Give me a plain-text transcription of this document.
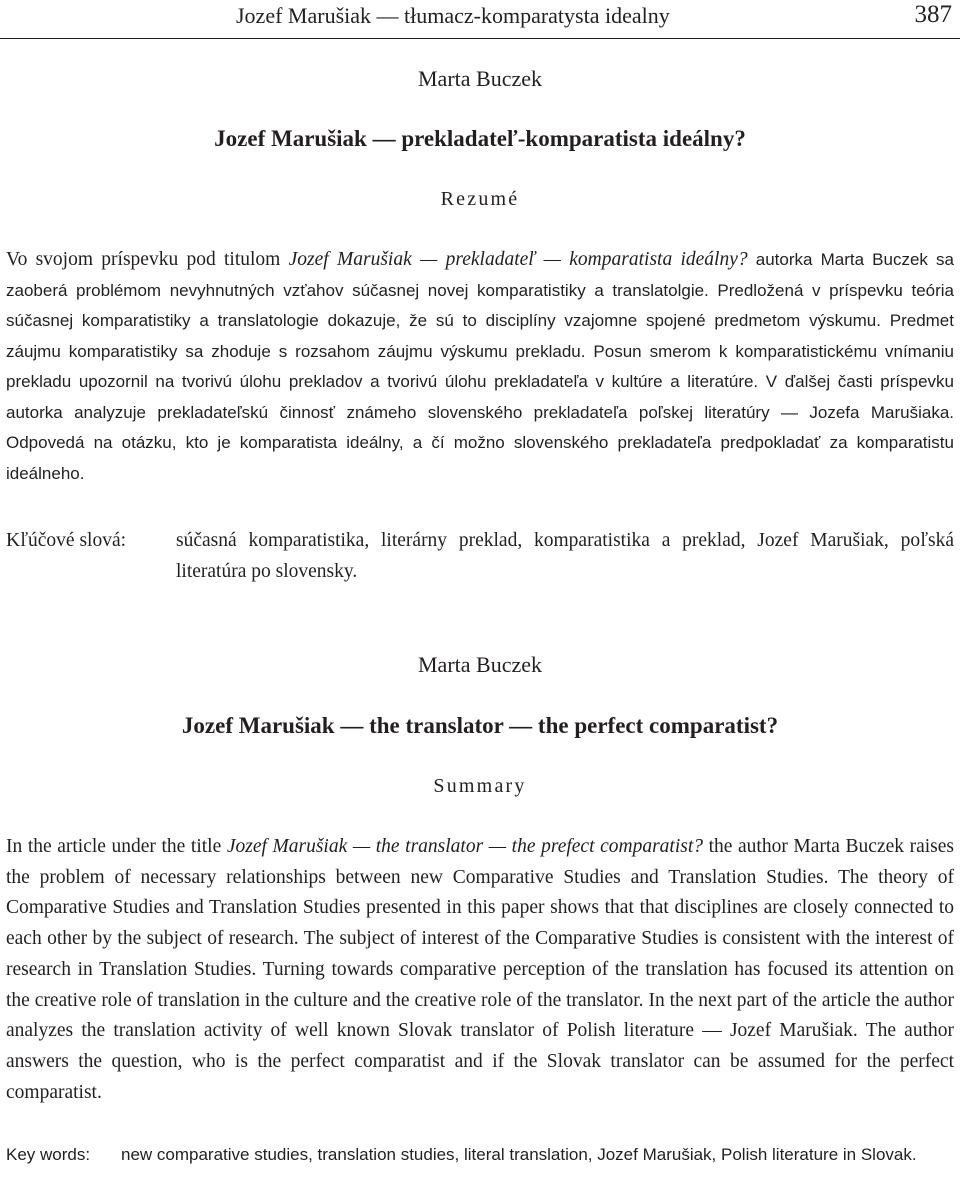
Jozef Marušiak — tłumacz-komparatysta idealny	387
Marta Buczek
Jozef Marušiak — prekladateľ-komparatista ideálny?
Rezumé

Vo svojom príspevku pod titulom Jozef Marušiak — prekladateľ — komparatista ideálny? autorka Marta Buczek sa zaoberá problémom nevyhnutných vzťahov súčasnej novej komparatistiky a translatolgie. Predložená v príspevku teória súčasnej komparatistiky a translatologie dokazuje, že sú to disciplíny vzajomne spojené predmetom výskumu. Predmet záujmu komparatistiky sa zhoduje s rozsahom záujmu výskumu prekladu. Posun smerom k komparatistickému vnímaniu prekladu upozornil na tvorivú úlohu prekladov a tvorivú úlohu prekladateľa v kultúre a literatúre. V ďalšej časti príspevku autorka analyzuje prekladateľskú činnosť známeho slovenského prekladateľa poľskej literatúry — Jozefa Marušiaka. Odpovedá na otázku, kto je komparatista ideálny, a čí možno slovenského prekladateľa predpokladať za komparatistu ideálneho.

Kľúčové slová:	súčasná komparatistika, literárny preklad, komparatistika a preklad, Jozef Marušiak, poľská literatúra po slovensky.
Marta Buczek
Jozef Marušiak — the translator — the perfect comparatist?
Summary

In the article under the title Jozef Marušiak — the translator — the prefect comparatist? the author Marta Buczek raises the problem of necessary relationships between new Comparative Studies and Translation Studies. The theory of Comparative Studies and Translation Studies presented in this paper shows that that disciplines are closely connected to each other by the subject of research. The subject of interest of the Comparative Studies is consistent with the interest of research in Translation Studies. Turning towards comparative perception of the translation has focused its attention on the creative role of translation in the culture and the creative role of the translator. In the next part of the article the author analyzes the translation activity of well known Slovak translator of Polish literature — Jozef Marušiak. The author answers the question, who is the perfect comparatist and if the Slovak translator can be assumed for the perfect comparatist.

Key words:	new comparative studies, translation studies, literal translation, Jozef Marušiak, Polish literature in Slovak.
